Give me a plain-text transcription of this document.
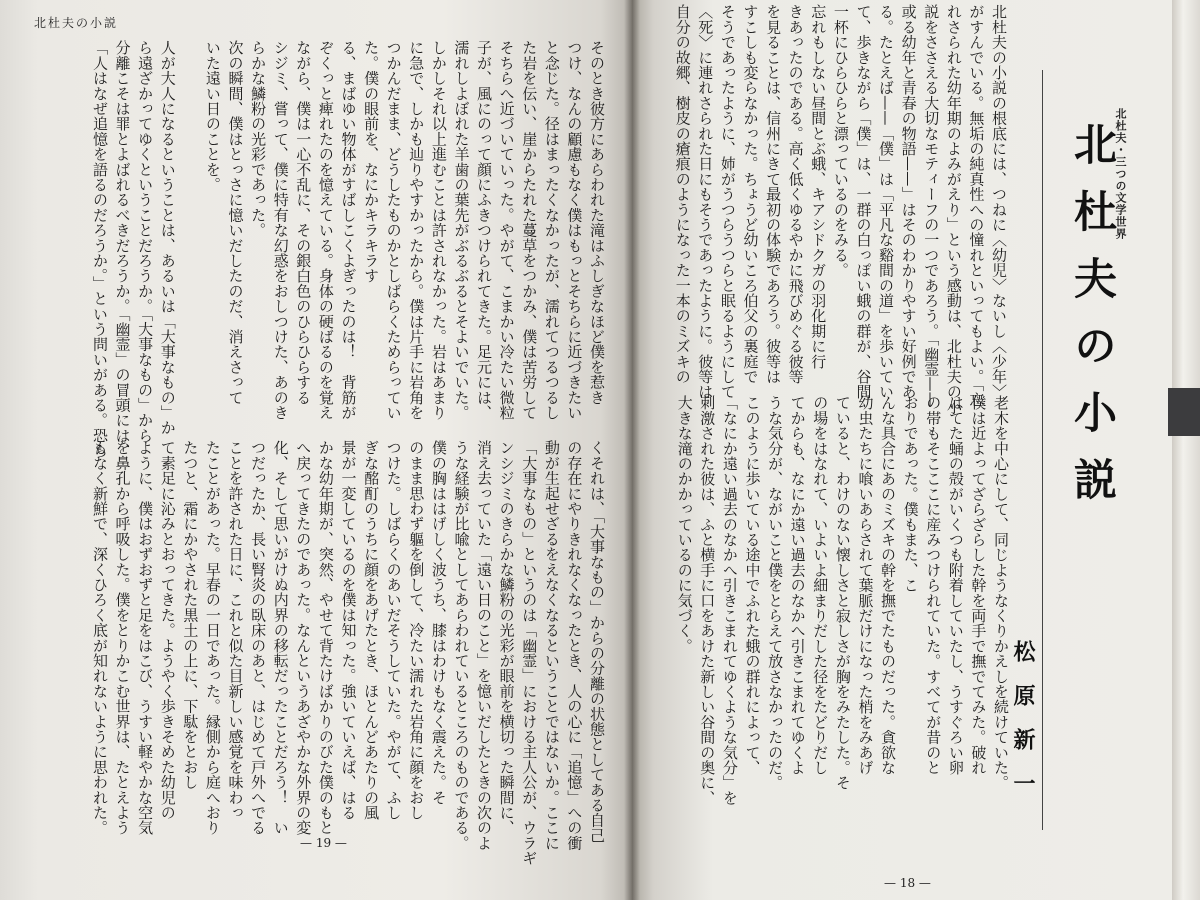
北杜夫の小説

そのとき彼方にあらわれた滝はふしぎなほど僕を惹き

つけ、なんの顧慮もなく僕はもっとそちらに近づきたい

と念じた。径はまったくなかったが、濡れてつるつるし

た岩を伝い、崖からたれた蔓草をつかみ、僕は苦労して

そちらへ近づいていった。やがて、こまかい冷たい微粒

子が、風にのって顔にふきつけられてきた。足元には、

濡れしよぼれた羊歯の葉先がぶるぶるとそよいでいた。

しかしそれ以上進むことは許されなかった。岩はあまり

に急で、しかも辿りやすかったから。僕は片手に岩角を

つかんだまま、どうしたものかとしばらくためらってい

た。僕の眼前を、なにかキラキラす

る、まばゆい物体がすばしこくよぎったのは！　背筋が

ぞくっと痺れたのを憶えている。身体の硬ばるのを覚え

ながら、僕は一心不乱に、その銀白色のひらひらする

シジミ、嘗って、僕に特有な幻惑をおしつけた、あのき

らかな鱗粉の光彩であった。

次の瞬間、僕はとっさに憶いだしたのだ、消えさって

いた遠い日のことを。

人が大人になるということは、あるいは「大事なもの」か

ら遠ざかってゆくということだろうか。「大事なもの」から

分離こそは罪とよばれるべきだろうか。「幽霊」の冒頭には、

「人はなぜ追憶を語るのだろうか。」という問いがある。恐ら

くそれは、「大事なもの」からの分離の状態としてある自己

の存在にやりきれなくなったとき、人の心に「追憶」への衝

動が生起せざるをえなくなるということではないか。ここに

「大事なもの」というのは「幽霊」における主人公が、ウラギ

ンシジミのきらかな鱗粉の光彩が眼前を横切った瞬間に、

消え去っていた「遠い日のこと」を憶いだしたときの次のよ

うな経験が比喩としてあらわれているところのものである。

僕の胸ははげしく波うち、膝はわけもなく震えた。そ

のまま思わず軀を倒して、冷たい濡れた岩角に顔をおし

つけた。しばらくのあいだそうしていた。やがて、ふし

ぎな酩酊のうちに顔をあげたとき、ほとんどあたりの風

景が一変しているのを僕は知った。強いていえば、はる

かな幼年期が、突然、やせて背たけばかりのびた僕のもと

へ戻ってきたのであった。なんというあざやかな外界の変

化、そして思いがけぬ内界の移転だったことだろう！　い

つだったか、長い腎炎の臥床のあと、はじめて戸外へでる

ことを許された日に、これと似た目新しい感覚を味わっ

たことがあった。早春の一日であった。縁側から庭へおり

たつと、霜にかやされた黒土の上に、下駄をとおし

て素足に沁みとおってきた。ようやく歩きそめた幼児の

ように、僕はおずおずと足をはこび、うすい軽やかな空気

を鼻孔から呼吸した。僕をとりかこむ世界は、たとえよう

もなく新鮮で、深くひろく底が知れないように思われた。

— 19 —

北杜夫の小説の根底には、つねに〈幼児〉ないし〈少年〉

がすんでいる。無垢の純真性への憧れといってもよい。「忘

れさられた幼年期のよみがえり」という感動は、北杜夫の小

説をささえる大切なモティーフの一つであろう。「幽霊——

或る幼年と青春の物語——」はそのわかりやすい好例であ

る。たとえば——「僕」は「平凡な谿間の道」を歩いてい

て、歩きながら「僕」は、一群の白っぽい蛾の群が、谷間

一杯にひらひらと漂っているのをみる。

忘れもしない昼間とぶ蛾、キアシドクガの羽化期に行

きあったのである。高く低くゆるやかに飛びめぐる彼等

を見ることは、信州にきて最初の体験であろう。彼等は

すこしも変らなかった。ちょうど幼いころ伯父の裏庭で

そうであったように、姉がうつらうつらと眠るようにして

〈死〉に連れさられた日にもそうであったように。彼等は

自分の故郷、樹皮の瘡痕のようになった一本のミズキの

老木を中心にして、同じようなくりかえしを続けていた。

僕は近よってざらざらした幹を両手で撫でてみた。破れ

はてた蛹の殻がいくつも附着していたし、うすぐろい卵

の帯もそこここに産みつけられていた。すべてが昔のと

おりであった。僕もまた、こ

んな具合にあのミズキの幹を撫でたものだった。貪欲な

幼虫たちに喰いあらされて葉脈だけになった梢をみあげ

ていると、わけのない懐しさと寂しさが胸をみたした。そ

の場をはなれて、いよいよ細まりだした径をたどりだし

てからも、なにか遠い過去のなかへ引きこまれてゆくよ

うな気分が、ながいこと僕をとらえて放さなかったのだ。

このように歩いている途中でふれた蛾の群れによって、

「なにか遠い過去のなかへ引きこまれてゆくような気分」を

刺激された彼は、ふと横手に口をあけた新しい谷間の奥に、

大きな滝のかかっているのに気づく。

— 18 —
北杜夫・三つの文学世界
北杜夫の小説
松原新一
